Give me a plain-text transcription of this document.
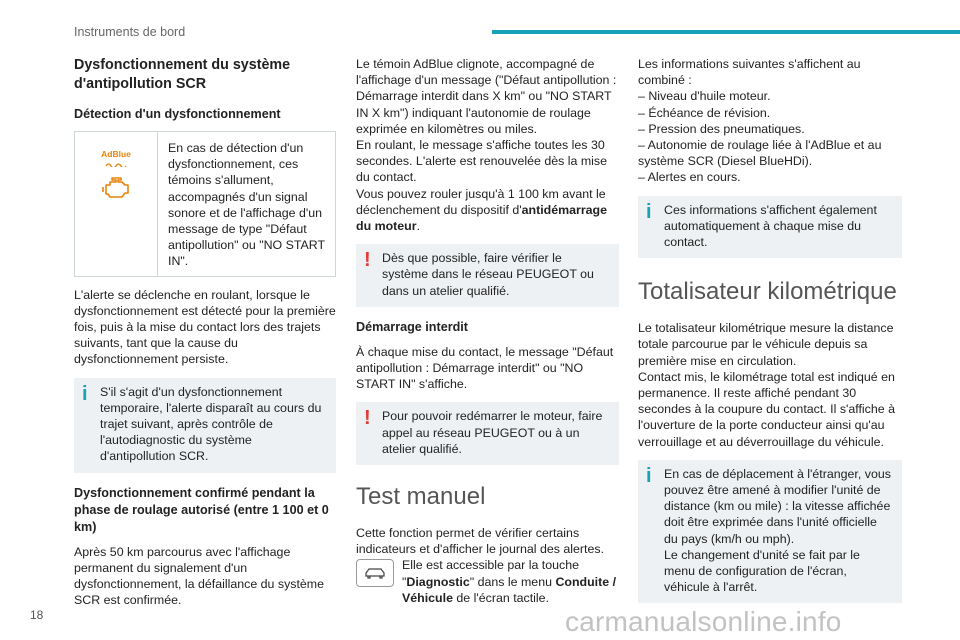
Instruments de bord
Dysfonctionnement du système d'antipollution SCR
Détection d'un dysfonctionnement
AdBlue	En cas de détection d'un dysfonctionnement, ces témoins s'allument, accompagnés d'un signal sonore et de l'affichage d'un message de type "Défaut antipollution" ou "NO START IN".

L'alerte se déclenche en roulant, lorsque le dysfonctionnement est détecté pour la première fois, puis à la mise du contact lors des trajets suivants, tant que la cause du dysfonctionnement persiste.

i	S'il s'agit d'un dysfonctionnement temporaire, l'alerte disparaît au cours du trajet suivant, après contrôle de l'autodiagnostic du système d'antipollution SCR.
Dysfonctionnement confirmé pendant la phase de roulage autorisé (entre 1 100 et 0 km)

Après 50 km parcourus avec l'affichage permanent du signalement d'un dysfonctionnement, la défaillance du système SCR est confirmée.

Le témoin AdBlue clignote, accompagné de l'affichage d'un message ("Défaut antipollution : Démarrage interdit dans X km" ou "NO START IN X km") indiquant l'autonomie de roulage exprimée en kilomètres ou miles.

En roulant, le message s'affiche toutes les 30 secondes. L'alerte est renouvelée dès la mise du contact.

Vous pouvez rouler jusqu'à 1 100 km avant le déclenchement du dispositif d'antidémarrage du moteur.

! Dès que possible, faire vérifier le système dans le réseau PEUGEOT ou dans un atelier qualifié.
Démarrage interdit

À chaque mise du contact, le message "Défaut antipollution : Démarrage interdit" ou "NO START IN" s'affiche.

! Pour pouvoir redémarrer le moteur, faire appel au réseau PEUGEOT ou à un atelier qualifié.
Test manuel

Cette fonction permet de vérifier certains indicateurs et d'afficher le journal des alertes.

Elle est accessible par la touche "Diagnostic" dans le menu Conduite / Véhicule de l'écran tactile.

Les informations suivantes s'affichent au combiné :

– Niveau d'huile moteur.
– Échéance de révision.
– Pression des pneumatiques.
– Autonomie de roulage liée à l'AdBlue et au système SCR (Diesel BlueHDi).
– Alertes en cours.
i	Ces informations s'affichent également automatiquement à chaque mise du contact.
Totalisateur kilométrique

Le totalisateur kilométrique mesure la distance totale parcourue par le véhicule depuis sa première mise en circulation.

Contact mis, le kilométrage total est indiqué en permanence. Il reste affiché pendant 30 secondes à la coupure du contact. Il s'affiche à l'ouverture de la porte conducteur ainsi qu'au verrouillage et au déverrouillage du véhicule.

i	En cas de déplacement à l'étranger, vous pouvez être amené à modifier l'unité de distance (km ou mile) : la vitesse affichée doit être exprimée dans l'unité officielle du pays (km/h ou mph).
Le changement d'unité se fait par le menu de configuration de l'écran, véhicule à l'arrêt.
18	carmanualsonline.info
